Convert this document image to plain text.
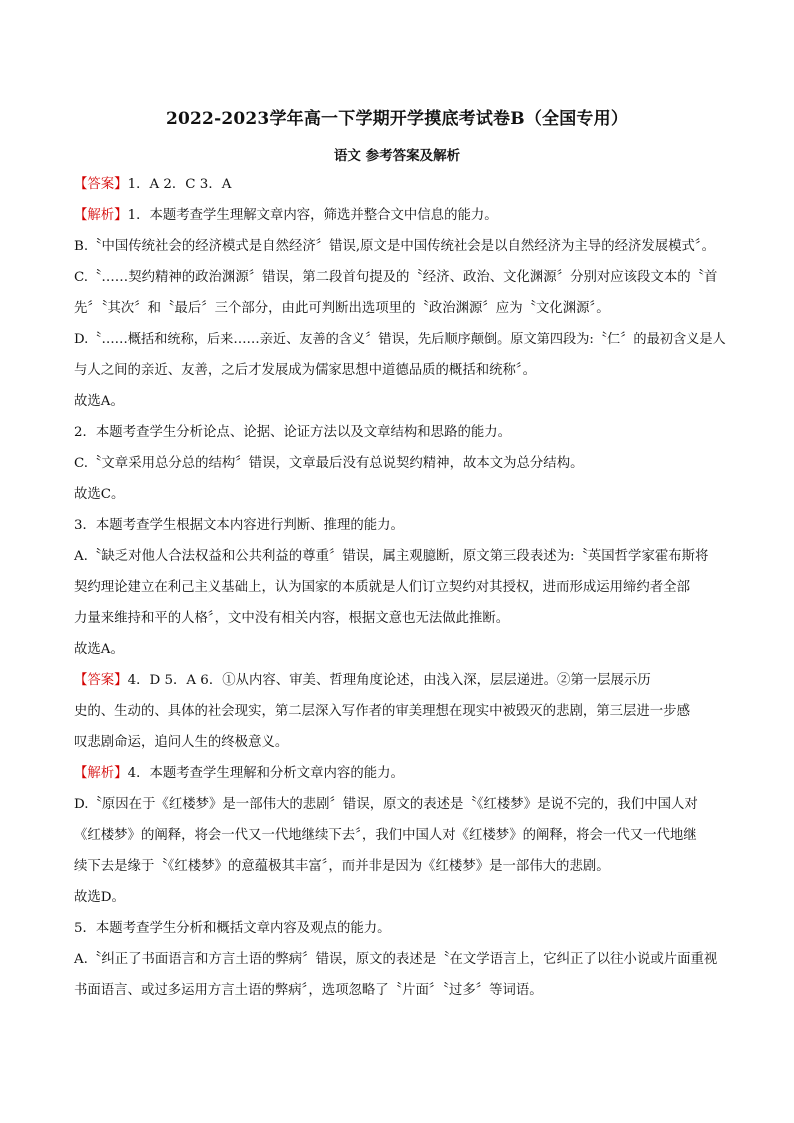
2022-2023学年高一下学期开学摸底考试卷B（全国专用）
语文 参考答案及解析
【答案】1．A 2．C 3．A
【解析】1．本题考查学生理解文章内容，筛选并整合文中信息的能力。
B.〝中国传统社会的经济模式是自然经济〞错误,原文是中国传统社会是以自然经济为主导的经济发展模式〞。
C.〝……契约精神的政治渊源〞错误，第二段首句提及的〝经济、政治、文化渊源〞分别对应该段文本的〝首
先〞〝其次〞和〝最后〞三个部分，由此可判断出选项里的〝政治渊源〞应为〝文化渊源〞。
D.〝……概括和统称，后来……亲近、友善的含义〞错误，先后顺序颠倒。原文第四段为:〝仁〞的最初含义是人
与人之间的亲近、友善，之后才发展成为儒家思想中道德品质的概括和统称〞。
故选A。
2．本题考查学生分析论点、论据、论证方法以及文章结构和思路的能力。
C.〝文章采用总分总的结构〞错误，文章最后没有总说契约精神，故本文为总分结构。
故选C。
3．本题考查学生根据文本内容进行判断、推理的能力。
A.〝缺乏对他人合法权益和公共利益的尊重〞错误，属主观臆断，原文第三段表述为:〝英国哲学家霍布斯将
契约理论建立在利己主义基础上，认为国家的本质就是人们订立契约对其授权，进而形成运用缔约者全部
力量来维持和平的人格〞，文中没有相关内容，根据文意也无法做此推断。
故选A。
【答案】4．D 5．A 6．①从内容、审美、哲理角度论述，由浅入深，层层递进。②第一层展示历
史的、生动的、具体的社会现实，第二层深入写作者的审美理想在现实中被毁灭的悲剧，第三层进一步感
叹悲剧命运，追问人生的终极意义。
【解析】4．本题考查学生理解和分析文章内容的能力。
D.〝原因在于《红楼梦》是一部伟大的悲剧〞错误，原文的表述是〝《红楼梦》是说不完的，我们中国人对
《红楼梦》的阐释，将会一代又一代地继续下去〞，我们中国人对《红楼梦》的阐释，将会一代又一代地继
续下去是缘于〝《红楼梦》的意蕴极其丰富〞，而并非是因为《红楼梦》是一部伟大的悲剧。
故选D。
5．本题考查学生分析和概括文章内容及观点的能力。
A.〝纠正了书面语言和方言土语的弊病〞错误，原文的表述是〝在文学语言上，它纠正了以往小说或片面重视
书面语言、或过多运用方言土语的弊病〞，选项忽略了〝片面〞〝过多〞等词语。
